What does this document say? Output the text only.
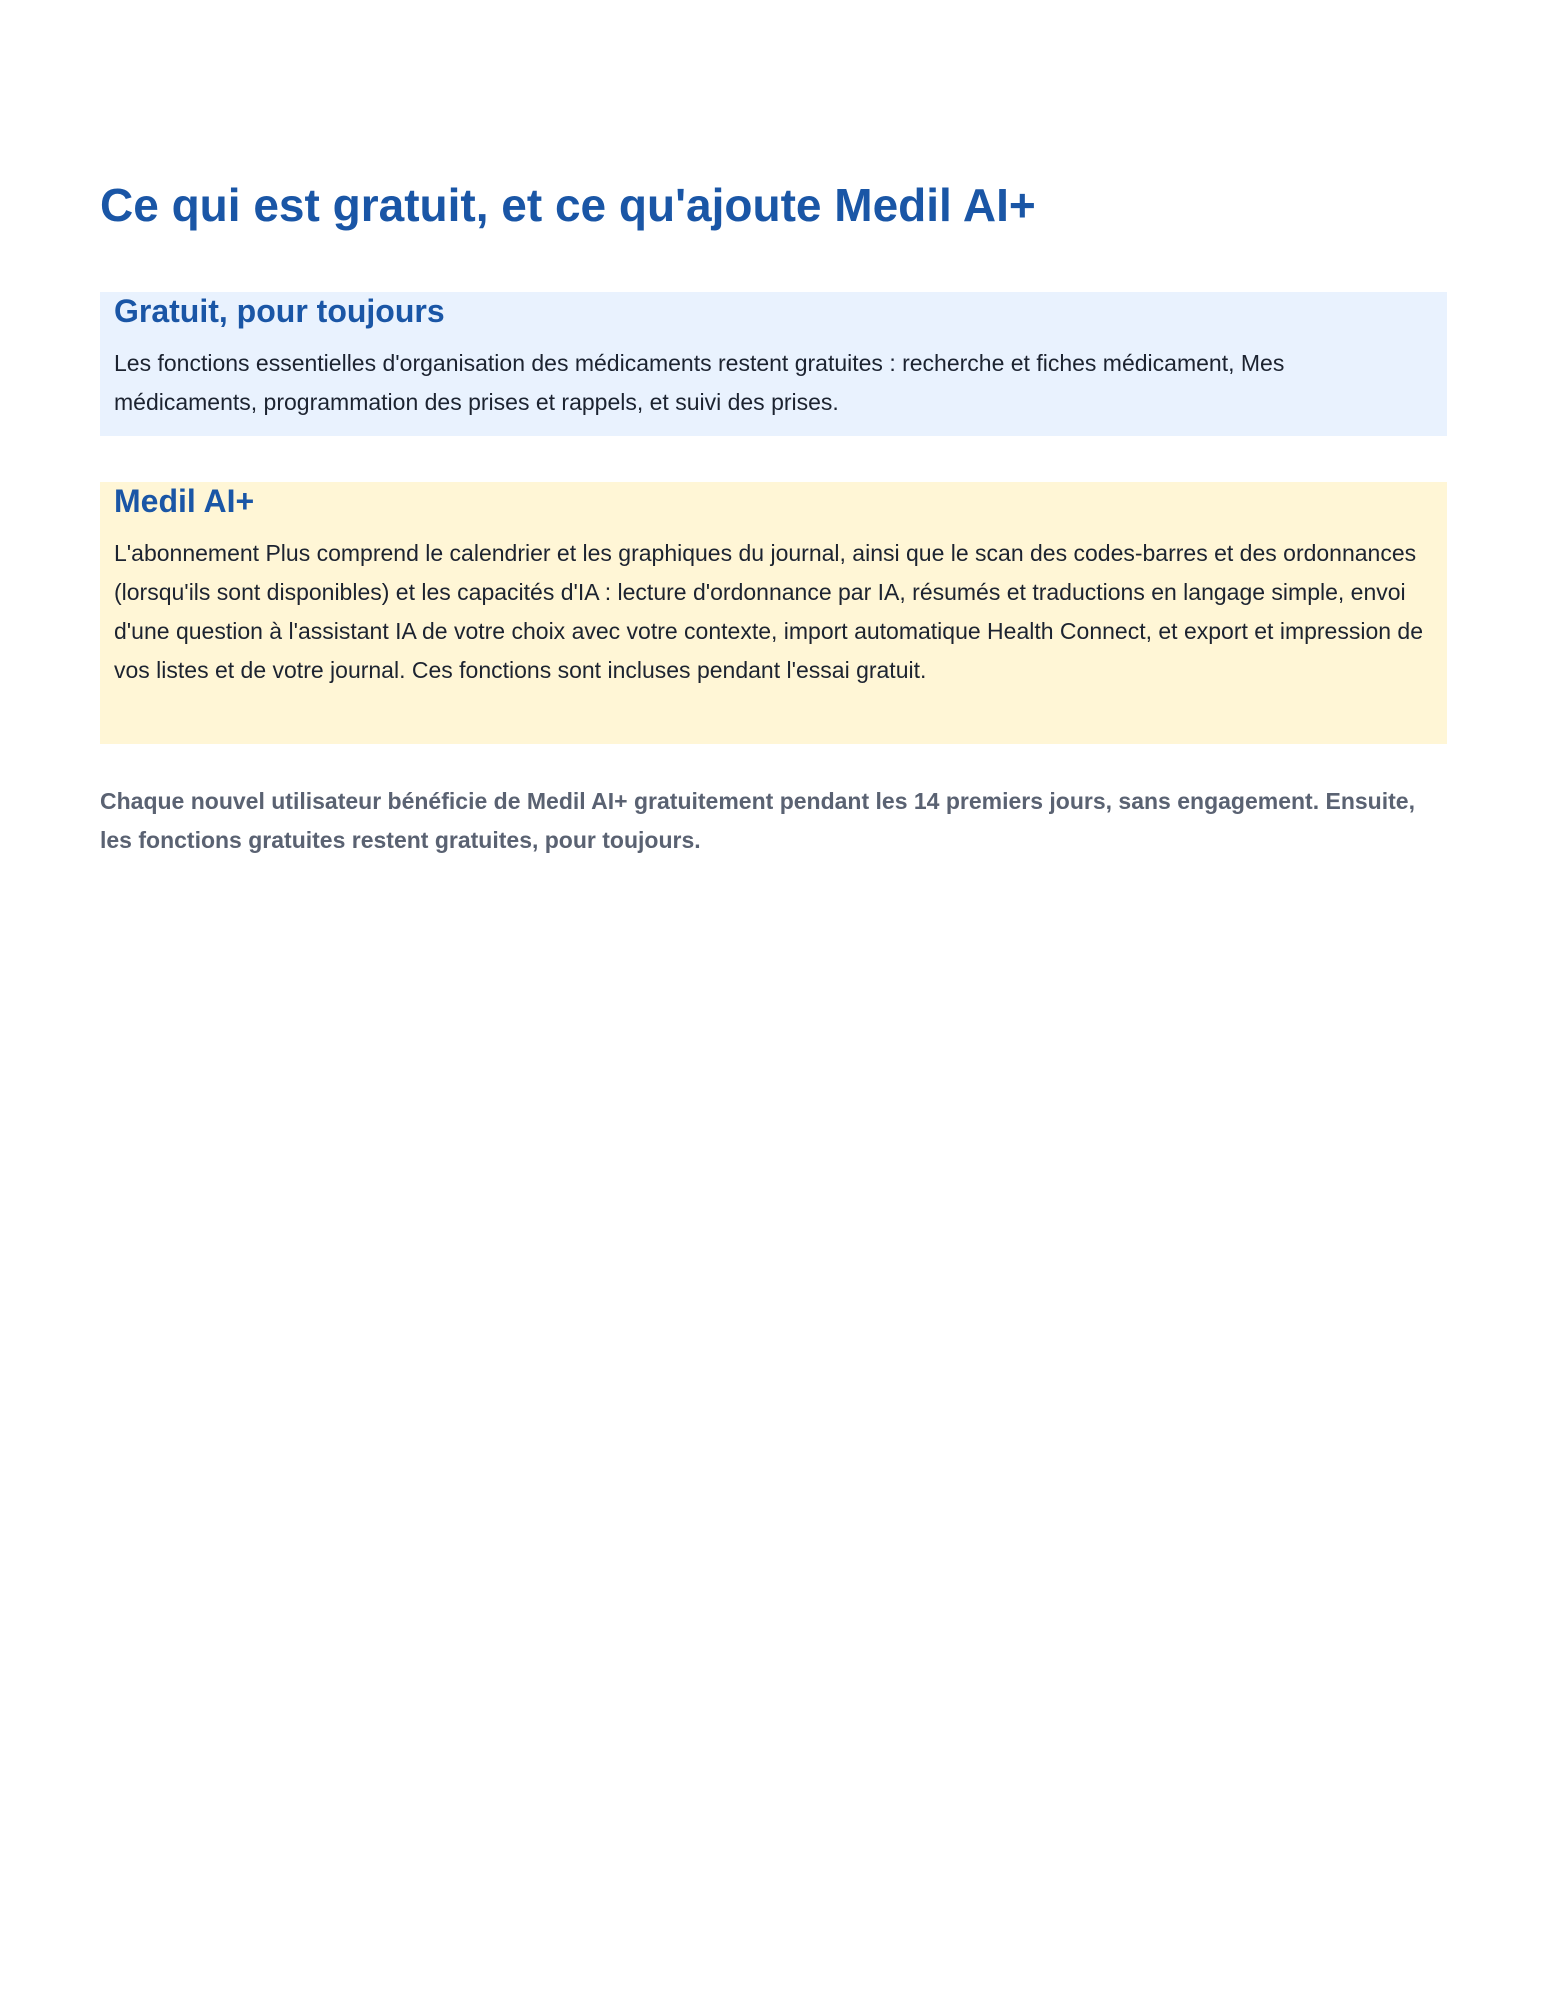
Ce qui est gratuit, et ce qu'ajoute Medil AI+
Gratuit, pour toujours

Les fonctions essentielles d'organisation des médicaments restent gratuites : recherche et fiches médicament, Mes médicaments, programmation des prises et rappels, et suivi des prises.

Medil AI+

L'abonnement Plus comprend le calendrier et les graphiques du journal, ainsi que le scan des codes-barres et des ordonnances (lorsqu'ils sont disponibles) et les capacités d'IA : lecture d'ordonnance par IA, résumés et traductions en langage simple, envoi d'une question à l'assistant IA de votre choix avec votre contexte, import automatique Health Connect, et export et impression de vos listes et de votre journal. Ces fonctions sont incluses pendant l'essai gratuit.

Chaque nouvel utilisateur bénéficie de Medil AI+ gratuitement pendant les 14 premiers jours, sans engagement. Ensuite, les fonctions gratuites restent gratuites, pour toujours.
